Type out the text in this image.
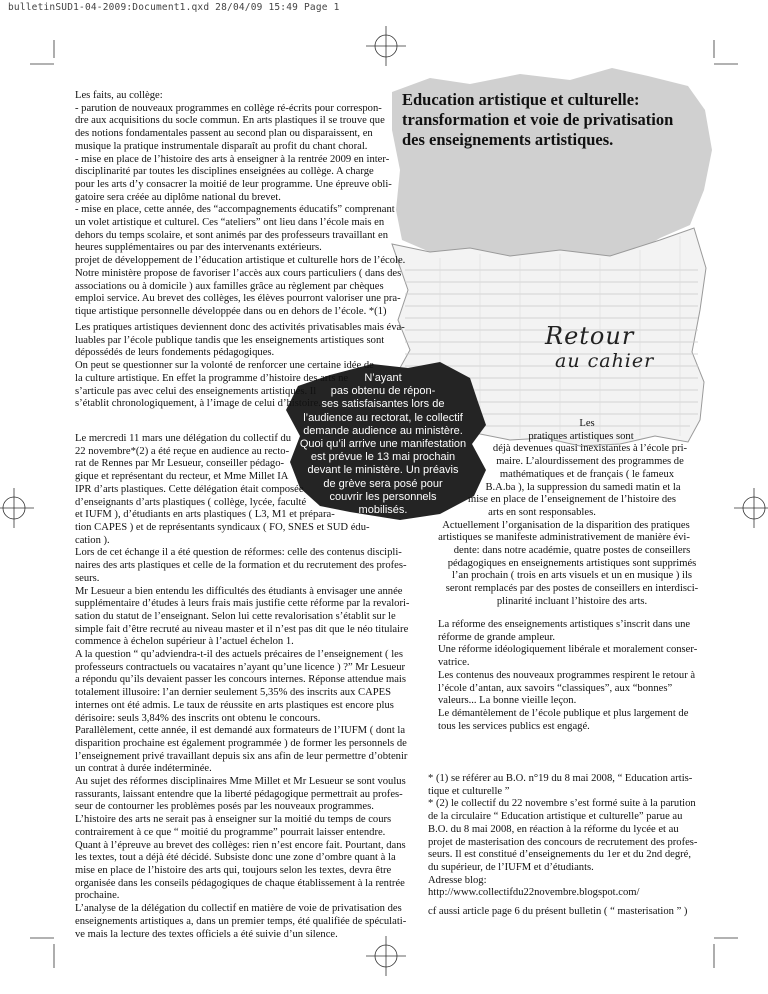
bulletinSUD1-04-2009:Document1.qxd 28/04/09 15:49 Page 1
Education artistique et culturelle:
transformation et voie de privatisation
des enseignements artistiques.
Retour
au cahier
Les faits, au collège:
- parution de nouveaux programmes en collège ré-écrits pour correspon-
dre aux acquisitions du socle commun. En arts plastiques il se trouve que
des notions fondamentales passent au second plan ou disparaissent, en
musique la pratique instrumentale disparaît au profit du chant choral.
- mise en place de l’histoire des arts à enseigner à la rentrée 2009 en inter-
disciplinarité par toutes les disciplines enseignées au collège. A charge
pour les arts d’y consacrer la moitié de leur programme. Une épreuve obli-
gatoire sera créée au diplôme national du brevet.
- mise en place, cette année, des “accompagnements éducatifs” comprenant
un volet artistique et culturel. Ces “ateliers” ont lieu dans l’école mais en
dehors du temps scolaire, et sont animés par des professeurs travaillant en
heures supplémentaires ou par des intervenants extérieurs.
projet de développement de l’éducation artistique et culturelle hors de l’école.
Notre ministère propose de favoriser l’accès aux cours particuliers ( dans des
associations ou à domicile ) aux familles grâce au règlement par chèques
emploi service. Au brevet des collèges, les élèves pourront valoriser une pra-
tique artistique personnelle développée dans ou en dehors de l’école. *(1)
Les pratiques artistiques deviennent donc des activités privatisables mais éva-
luables par l’école publique tandis que les enseignements artistiques sont
dépossédés de leurs fondements pédagogiques.
On peut se questionner sur la volonté de renforcer une certaine idée de
la culture artistique. En effet la programme d’histoire des arts ne
s’articule pas avec celui des enseignements artistiques. Il
s’établit chronologiquement, à l’image de celui d’histoire.
N’ayant
pas obtenu de répon-
ses satisfaisantes lors de
l’audience au rectorat, le collectif
demande audience au ministère.
Quoi qu’il arrive une manifestation
est prévue le 13 mai prochain
devant le ministère. Un préavis
de grève sera posé pour
couvrir les personnels
mobilisés.
Le mercredi 11 mars une délégation du collectif du
22 novembre*(2) a été reçue en audience au recto-
rat de Rennes par Mr Lesueur, conseiller pédago-
gique et représentant du recteur, et Mme Millet IA
IPR d’arts plastiques. Cette délégation était composée
d’enseignants d’arts plastiques ( collège, lycée, faculté
et IUFM ), d’étudiants en arts plastiques ( L3, M1 et prépara-
tion CAPES ) et de représentants syndicaux ( FO, SNES et SUD édu-
cation ).
Lors de cet échange il a été question de réformes: celle des contenus discipli-
naires des arts plastiques et celle de la formation et du recrutement des profes-
seurs.
Mr Lesueur a bien entendu les difficultés des étudiants à envisager une année
supplémentaire d’études à leurs frais mais justifie cette réforme par la revalori-
sation du statut de l’enseignant. Selon lui cette revalorisation s’établit sur le
simple fait d’être recruté au niveau master et il n’est pas dit que le néo titulaire
commence à échelon supérieur à l’actuel échelon 1.
A la question “ qu’adviendra-t-il des actuels précaires de l’enseignement ( les
professeurs contractuels ou vacataires n’ayant qu’une licence ) ?” Mr Lesueur
a répondu qu’ils devaient passer les concours internes. Réponse attendue mais
totalement illusoire: l’an dernier seulement 5,35% des inscrits aux CAPES
internes ont été admis. Le taux de réussite en arts plastiques est encore plus
dérisoire: seuls 3,84% des inscrits ont obtenu le concours.
Parallèlement, cette année, il est demandé aux formateurs de l’IUFM ( dont la
disparition prochaine est également programmée ) de former les personnels de
l’enseignement privé travaillant depuis six ans afin de leur permettre d’obtenir
un contrat à durée indéterminée.
Au sujet des réformes disciplinaires Mme Millet et Mr Lesueur se sont voulus
rassurants, laissant entendre que la liberté pédagogique permettrait au profes-
seur de contourner les problèmes posés par les nouveaux programmes.
L’histoire des arts ne serait pas à enseigner sur la moitié du temps de cours
contrairement à ce que “ moitié du programme” pourrait laisser entendre.
Quant à l’épreuve au brevet des collèges: rien n’est encore fait. Pourtant, dans
les textes, tout a déjà été décidé. Subsiste donc une zone d’ombre quant à la
mise en place de l’histoire des arts qui, toujours selon les textes, devra être
organisée dans les conseils pédagogiques de chaque établissement à la rentrée
prochaine.
L’analyse de la délégation du collectif en matière de voie de privatisation des
enseignements artistiques a, dans un premier temps, été qualifiée de spéculati-
ve mais la lecture des textes officiels a été suivie d’un silence.
Les
pratiques artistiques sont
déjà devenues quasi inexistantes à l’école pri-
maire. L’alourdissement des programmes de
mathématiques et de français ( le fameux
B.A.ba ), la suppression du samedi matin et la
mise en place de l’enseignement de l’histoire des
arts en sont responsables.
Actuellement l’organisation de la disparition des pratiques
artistiques se manifeste administrativement de manière évi-
dente: dans notre académie, quatre postes de conseillers
pédagogiques en enseignements artistiques sont supprimés
l’an prochain ( trois en arts visuels et un en musique ) ils
seront remplacés par des postes de conseillers en interdisci-
plinarité incluant l’histoire des arts.
La réforme des enseignements artistiques s’inscrit dans une
réforme de grande ampleur.
Une réforme idéologiquement libérale et moralement conser-
vatrice.
Les contenus des nouveaux programmes respirent le retour à
l’école d’antan, aux savoirs “classiques”, aux “bonnes”
valeurs... La bonne vieille leçon.
Le démantèlement de l’école publique et plus largement de
tous les services publics est engagé.
* (1) se référer au B.O. n°19 du 8 mai 2008, “ Education artis-
tique et culturelle ”
* (2) le collectif du 22 novembre s’est formé suite à la parution
de la circulaire “ Education artistique et culturelle” parue au
B.O. du 8 mai 2008, en réaction à la réforme du lycée et au
projet de masterisation des concours de recrutement des profes-
seurs. Il est constitué d’enseignements du 1er et du 2nd degré,
du supérieur, de l’IUFM et d’étudiants.
Adresse blog:
http://www.collectifdu22novembre.blogspot.com/
cf aussi article page 6 du présent bulletin ( “ masterisation ” )
